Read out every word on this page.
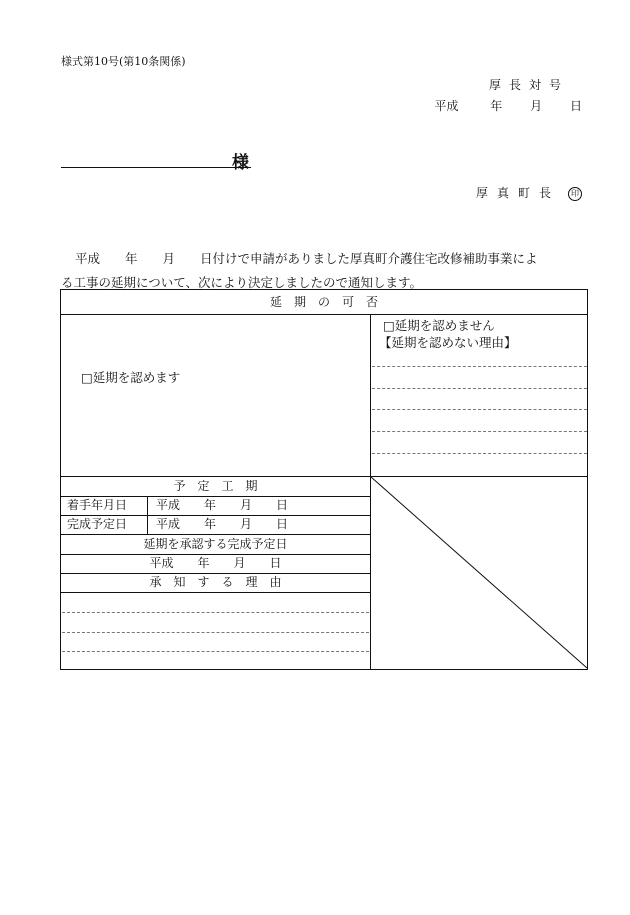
様式第10号(第10条関係)
厚長対号
平成	年 月 日
様
厚真町長 印
平成　　年　　月　　日付けで申請がありました厚真町介護住宅改修補助事業によ
る工事の延期について、次により決定しましたので通知します。
延　期　の　可　否
□延期を認めます
□延期を認めません
【延期を認めない理由】
予　定　工　期
着手年月日	平成　　年　　月　　日
完成予定日	平成　　年　　月　　日
延期を承認する完成予定日
平成　　年　　月　　日
承　知　す　る　理　由
